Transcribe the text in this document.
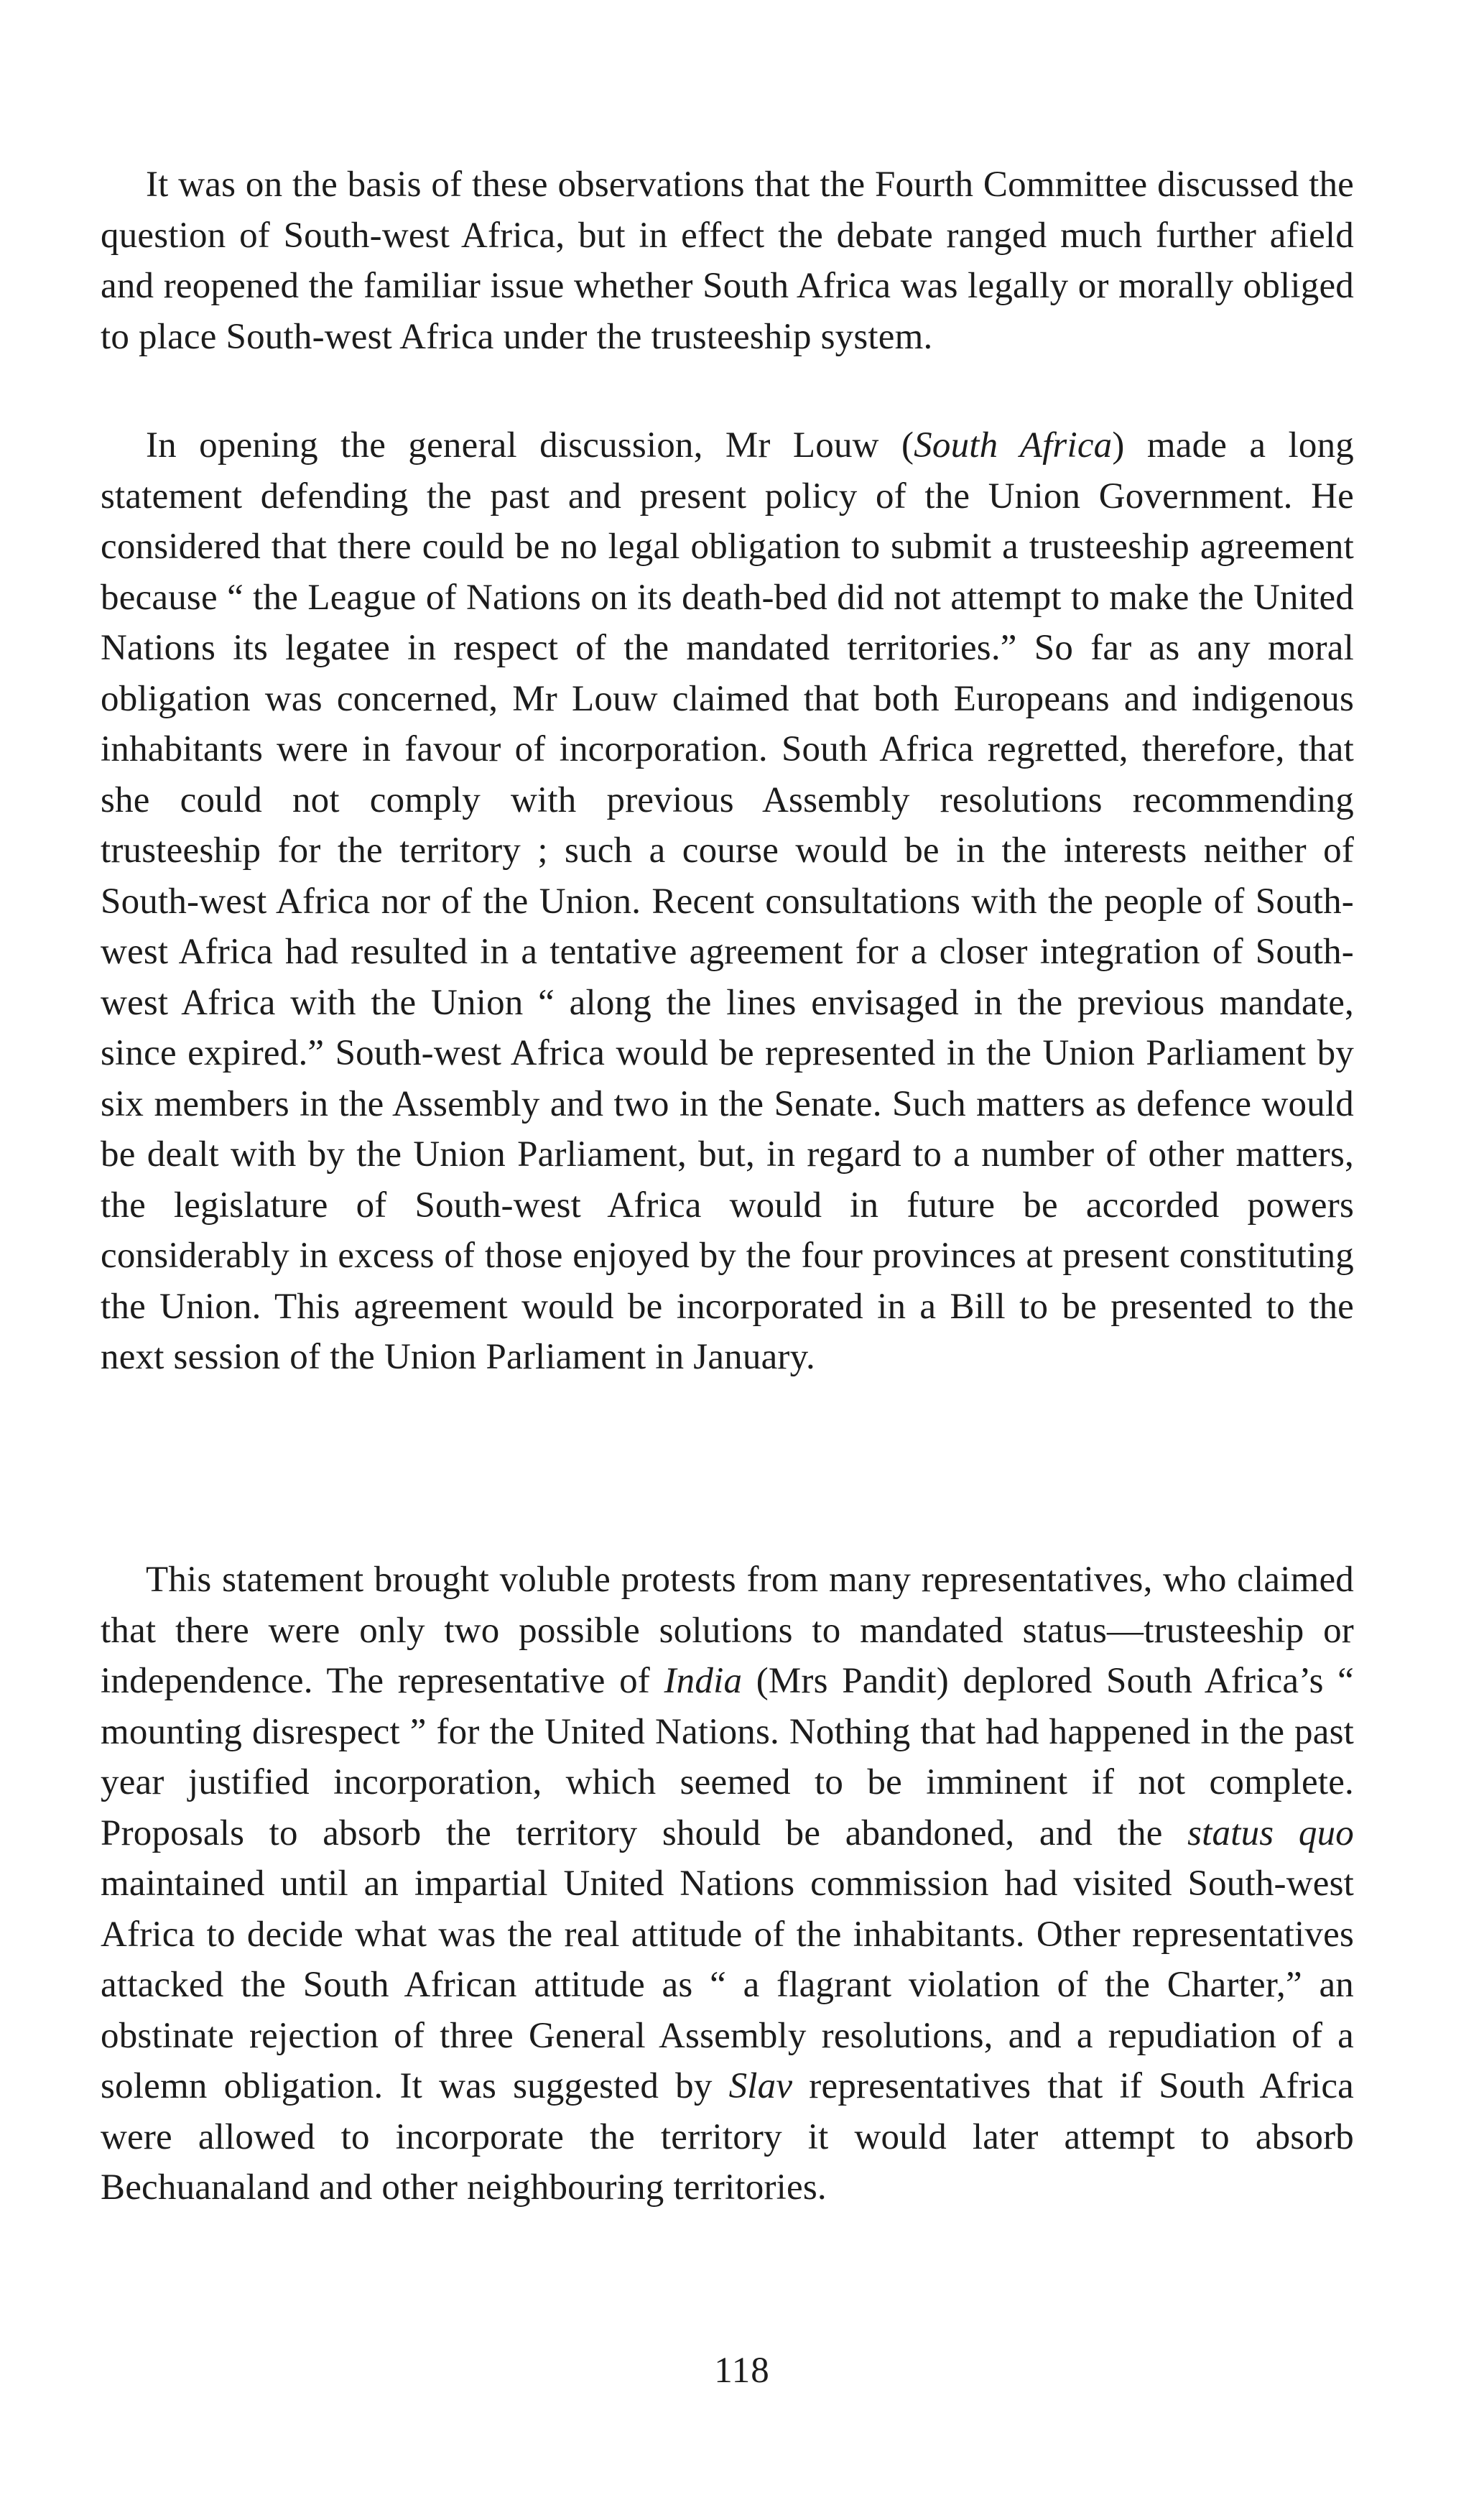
It was on the basis of these observations that the Fourth Committee discussed the question of South-west Africa, but in effect the debate ranged much further afield and reopened the familiar issue whether South Africa was legally or morally obliged to place South-west Africa under the trusteeship system.

In opening the general discussion, Mr Louw (South Africa) made a long statement defending the past and present policy of the Union Government. He considered that there could be no legal obligation to submit a trusteeship agreement because “ the League of Nations on its death-bed did not attempt to make the United Nations its legatee in respect of the mandated territories.” So far as any moral obligation was concerned, Mr Louw claimed that both Europeans and indigenous inhabitants were in favour of incorporation. South Africa regretted, therefore, that she could not comply with previous Assembly resolutions recommending trusteeship for the territory ; such a course would be in the interests neither of South-west Africa nor of the Union. Recent consultations with the people of South-west Africa had resulted in a tentative agreement for a closer integration of South-west Africa with the Union “ along the lines envisaged in the previous mandate, since expired.” South-west Africa would be represented in the Union Parliament by six members in the Assembly and two in the Senate. Such matters as defence would be dealt with by the Union Parliament, but, in regard to a number of other matters, the legislature of South-west Africa would in future be accorded powers considerably in excess of those enjoyed by the four provinces at present constituting the Union. This agreement would be incorporated in a Bill to be presented to the next session of the Union Parliament in January.

This statement brought voluble protests from many representatives, who claimed that there were only two possible solutions to mandated status—trusteeship or independence. The representative of India (Mrs Pandit) deplored South Africa’s “ mounting disrespect ” for the United Nations. Nothing that had happened in the past year justified incorporation, which seemed to be imminent if not complete. Proposals to absorb the territory should be abandoned, and the status quo maintained until an impartial United Nations commission had visited South-west Africa to decide what was the real attitude of the inhabitants. Other representatives attacked the South African attitude as “ a flagrant violation of the Charter,” an obstinate rejection of three General Assembly resolutions, and a repudiation of a solemn obligation. It was suggested by Slav representatives that if South Africa were allowed to incorporate the territory it would later attempt to absorb Bechuanaland and other neighbouring territories.

118
